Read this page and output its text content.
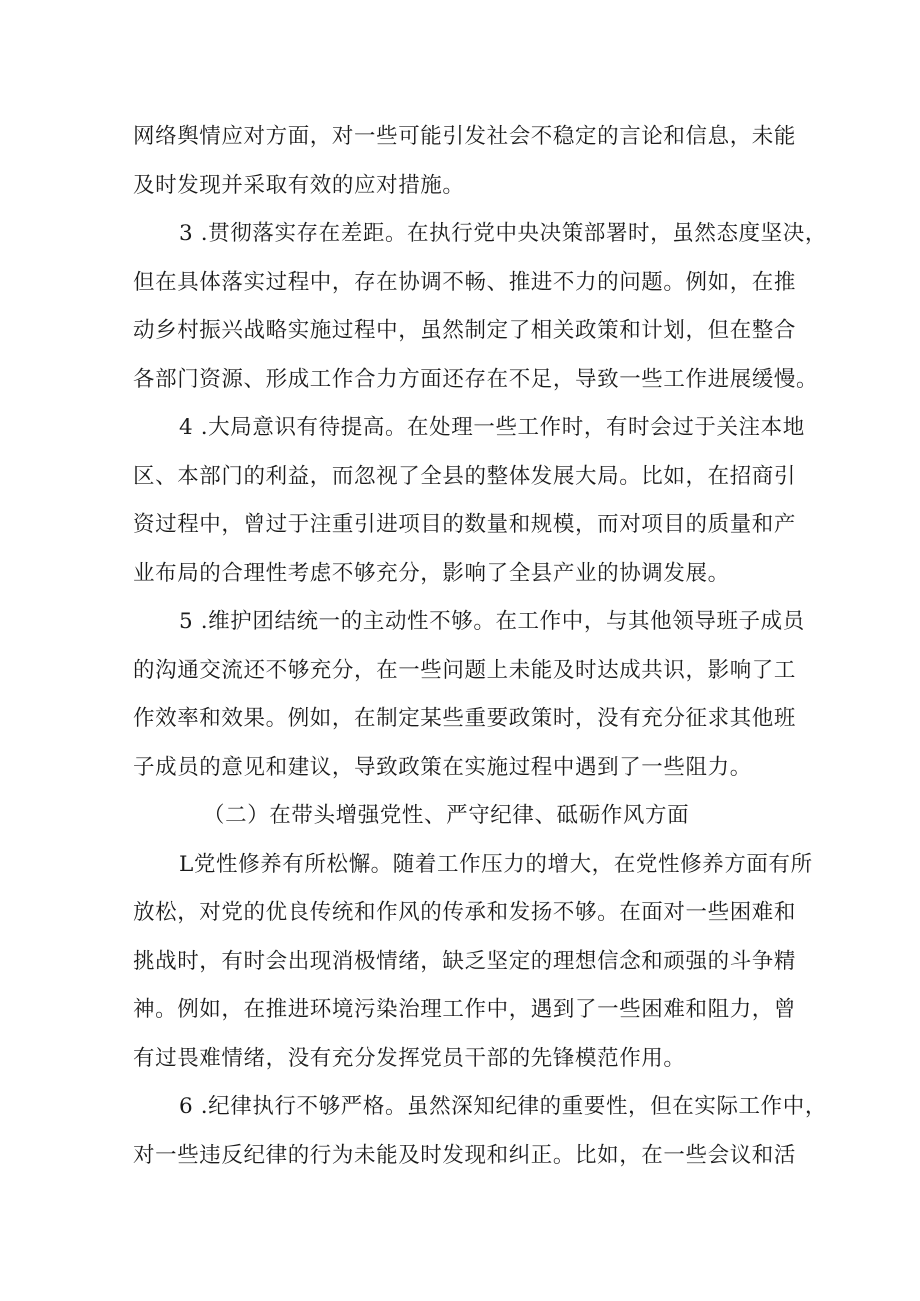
网络舆情应对方面，对一些可能引发社会不稳定的言论和信息，未能
及时发现并采取有效的应对措施。
3 .贯彻落实存在差距。在执行党中央决策部署时，虽然态度坚决，
但在具体落实过程中，存在协调不畅、推进不力的问题。例如，在推
动乡村振兴战略实施过程中，虽然制定了相关政策和计划，但在整合
各部门资源、形成工作合力方面还存在不足，导致一些工作进展缓慢。
4 .大局意识有待提高。在处理一些工作时，有时会过于关注本地
区、本部门的利益，而忽视了全县的整体发展大局。比如，在招商引
资过程中，曾过于注重引进项目的数量和规模，而对项目的质量和产
业布局的合理性考虑不够充分，影响了全县产业的协调发展。
5 .维护团结统一的主动性不够。在工作中，与其他领导班子成员
的沟通交流还不够充分，在一些问题上未能及时达成共识，影响了工
作效率和效果。例如，在制定某些重要政策时，没有充分征求其他班
子成员的意见和建议，导致政策在实施过程中遇到了一些阻力。
（二）在带头增强党性、严守纪律、砥砺作风方面
L党性修养有所松懈。随着工作压力的增大，在党性修养方面有所
放松，对党的优良传统和作风的传承和发扬不够。在面对一些困难和
挑战时，有时会出现消极情绪，缺乏坚定的理想信念和顽强的斗争精
神。例如，在推进环境污染治理工作中，遇到了一些困难和阻力，曾
有过畏难情绪，没有充分发挥党员干部的先锋模范作用。
6 .纪律执行不够严格。虽然深知纪律的重要性，但在实际工作中，
对一些违反纪律的行为未能及时发现和纠正。比如，在一些会议和活
